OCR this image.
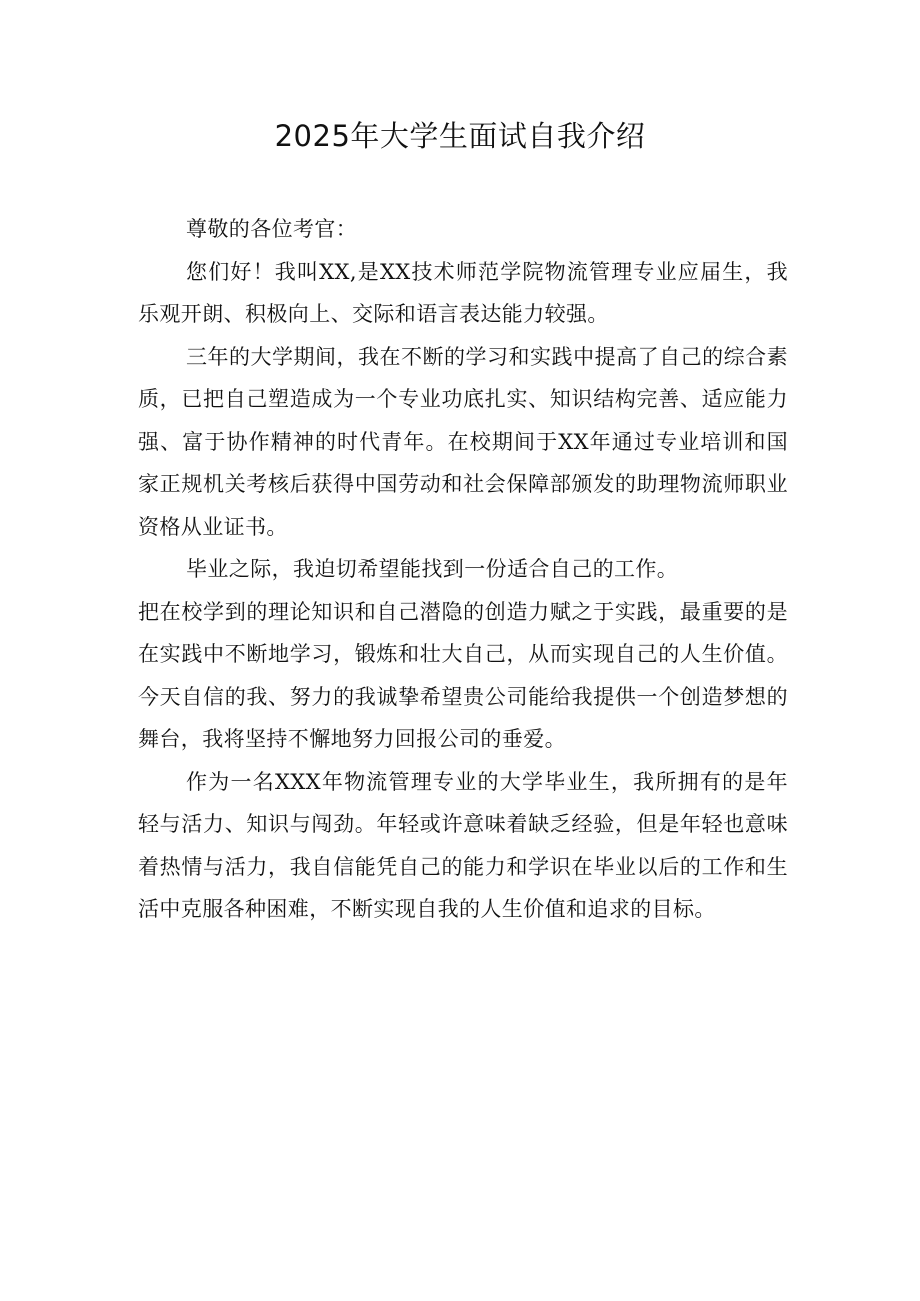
2025年大学生面试自我介绍

尊敬的各位考官：

您们好！我叫XX,是XX技术师范学院物流管理专业应届生，我乐观开朗、积极向上、交际和语言表达能力较强。

三年的大学期间，我在不断的学习和实践中提高了自己的综合素质，已把自己塑造成为一个专业功底扎实、知识结构完善、适应能力强、富于协作精神的时代青年。在校期间于XX年通过专业培训和国家正规机关考核后获得中国劳动和社会保障部颁发的助理物流师职业资格从业证书。

毕业之际，我迫切希望能找到一份适合自己的工作。

把在校学到的理论知识和自己潜隐的创造力赋之于实践，最重要的是在实践中不断地学习，锻炼和壮大自己，从而实现自己的人生价值。今天自信的我、努力的我诚挚希望贵公司能给我提供一个创造梦想的舞台，我将坚持不懈地努力回报公司的垂爱。

作为一名XXX年物流管理专业的大学毕业生，我所拥有的是年轻与活力、知识与闯劲。年轻或许意味着缺乏经验，但是年轻也意味着热情与活力，我自信能凭自己的能力和学识在毕业以后的工作和生活中克服各种困难，不断实现自我的人生价值和追求的目标。
